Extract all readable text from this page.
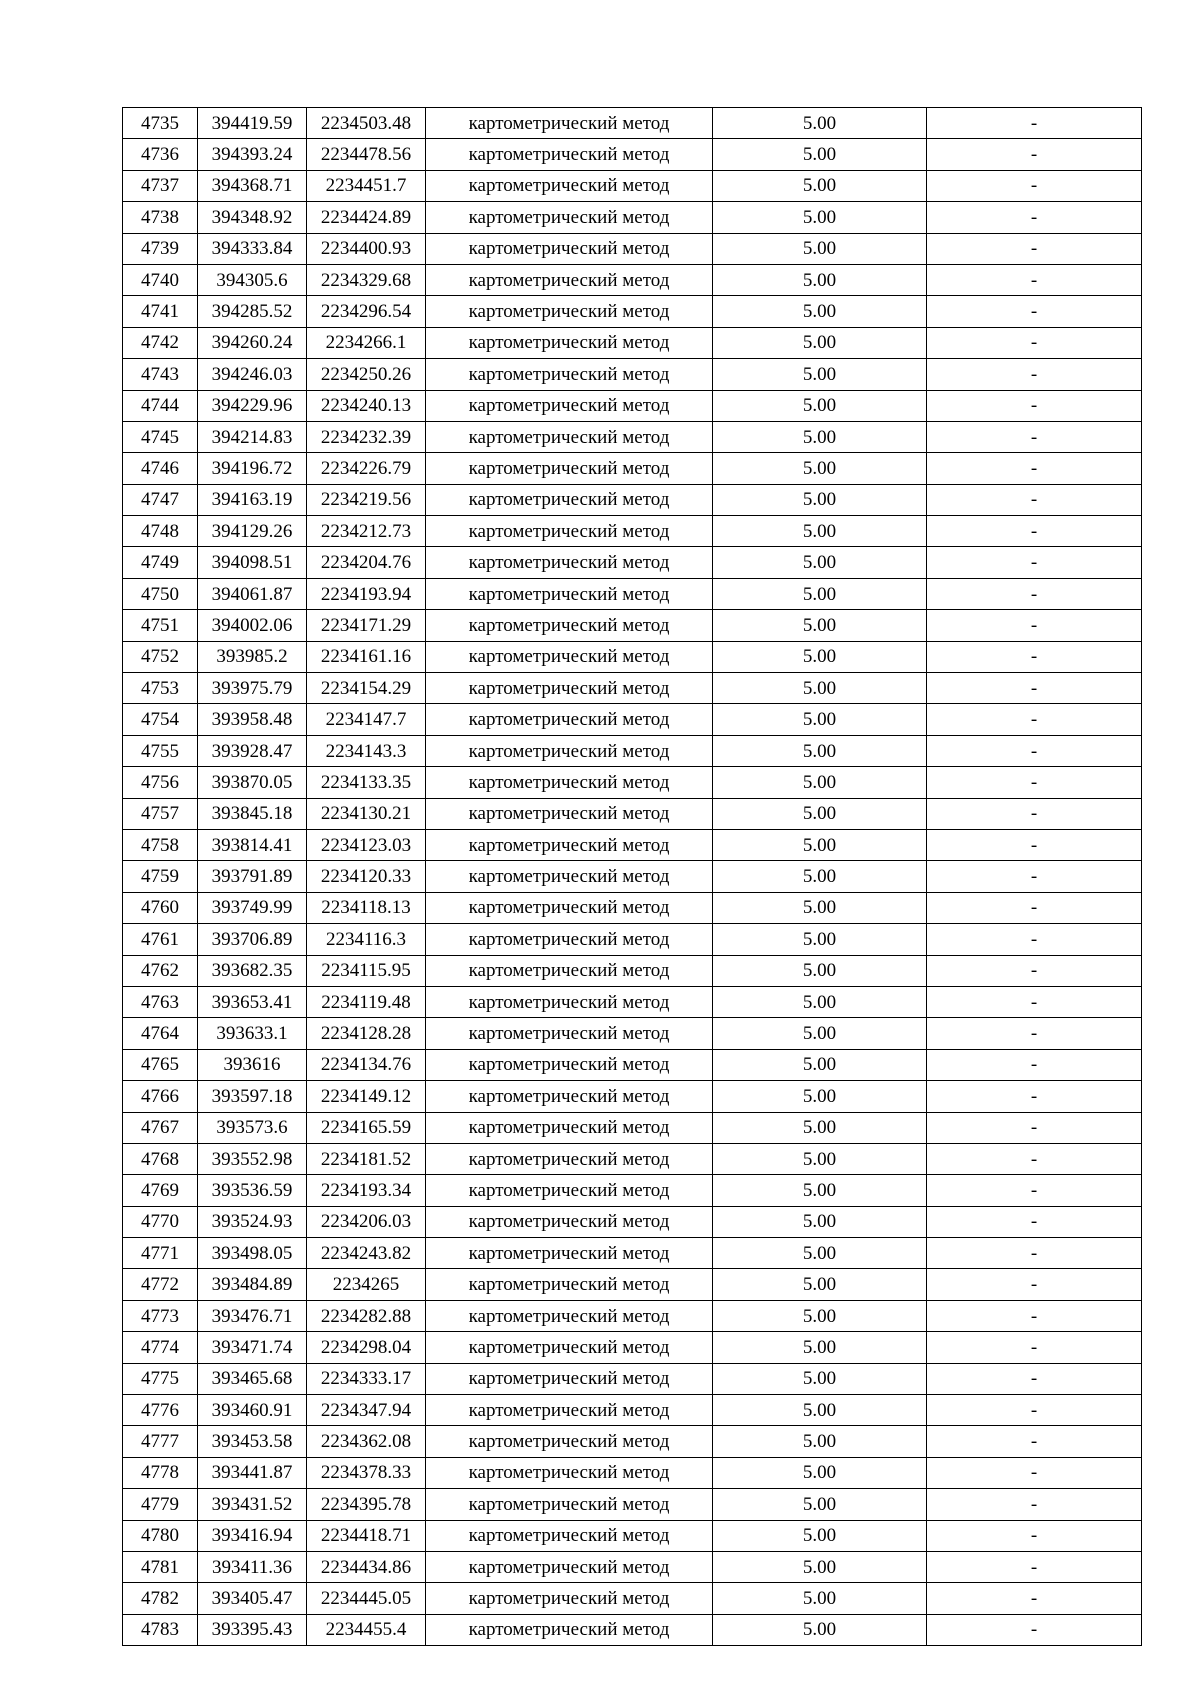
4735	394419.59	2234503.48	картометрический метод	5.00	-
4736	394393.24	2234478.56	картометрический метод	5.00	-
4737	394368.71	2234451.7	картометрический метод	5.00	-
4738	394348.92	2234424.89	картометрический метод	5.00	-
4739	394333.84	2234400.93	картометрический метод	5.00	-
4740	394305.6	2234329.68	картометрический метод	5.00	-
4741	394285.52	2234296.54	картометрический метод	5.00	-
4742	394260.24	2234266.1	картометрический метод	5.00	-
4743	394246.03	2234250.26	картометрический метод	5.00	-
4744	394229.96	2234240.13	картометрический метод	5.00	-
4745	394214.83	2234232.39	картометрический метод	5.00	-
4746	394196.72	2234226.79	картометрический метод	5.00	-
4747	394163.19	2234219.56	картометрический метод	5.00	-
4748	394129.26	2234212.73	картометрический метод	5.00	-
4749	394098.51	2234204.76	картометрический метод	5.00	-
4750	394061.87	2234193.94	картометрический метод	5.00	-
4751	394002.06	2234171.29	картометрический метод	5.00	-
4752	393985.2	2234161.16	картометрический метод	5.00	-
4753	393975.79	2234154.29	картометрический метод	5.00	-
4754	393958.48	2234147.7	картометрический метод	5.00	-
4755	393928.47	2234143.3	картометрический метод	5.00	-
4756	393870.05	2234133.35	картометрический метод	5.00	-
4757	393845.18	2234130.21	картометрический метод	5.00	-
4758	393814.41	2234123.03	картометрический метод	5.00	-
4759	393791.89	2234120.33	картометрический метод	5.00	-
4760	393749.99	2234118.13	картометрический метод	5.00	-
4761	393706.89	2234116.3	картометрический метод	5.00	-
4762	393682.35	2234115.95	картометрический метод	5.00	-
4763	393653.41	2234119.48	картометрический метод	5.00	-
4764	393633.1	2234128.28	картометрический метод	5.00	-
4765	393616	2234134.76	картометрический метод	5.00	-
4766	393597.18	2234149.12	картометрический метод	5.00	-
4767	393573.6	2234165.59	картометрический метод	5.00	-
4768	393552.98	2234181.52	картометрический метод	5.00	-
4769	393536.59	2234193.34	картометрический метод	5.00	-
4770	393524.93	2234206.03	картометрический метод	5.00	-
4771	393498.05	2234243.82	картометрический метод	5.00	-
4772	393484.89	2234265	картометрический метод	5.00	-
4773	393476.71	2234282.88	картометрический метод	5.00	-
4774	393471.74	2234298.04	картометрический метод	5.00	-
4775	393465.68	2234333.17	картометрический метод	5.00	-
4776	393460.91	2234347.94	картометрический метод	5.00	-
4777	393453.58	2234362.08	картометрический метод	5.00	-
4778	393441.87	2234378.33	картометрический метод	5.00	-
4779	393431.52	2234395.78	картометрический метод	5.00	-
4780	393416.94	2234418.71	картометрический метод	5.00	-
4781	393411.36	2234434.86	картометрический метод	5.00	-
4782	393405.47	2234445.05	картометрический метод	5.00	-
4783	393395.43	2234455.4	картометрический метод	5.00	-
